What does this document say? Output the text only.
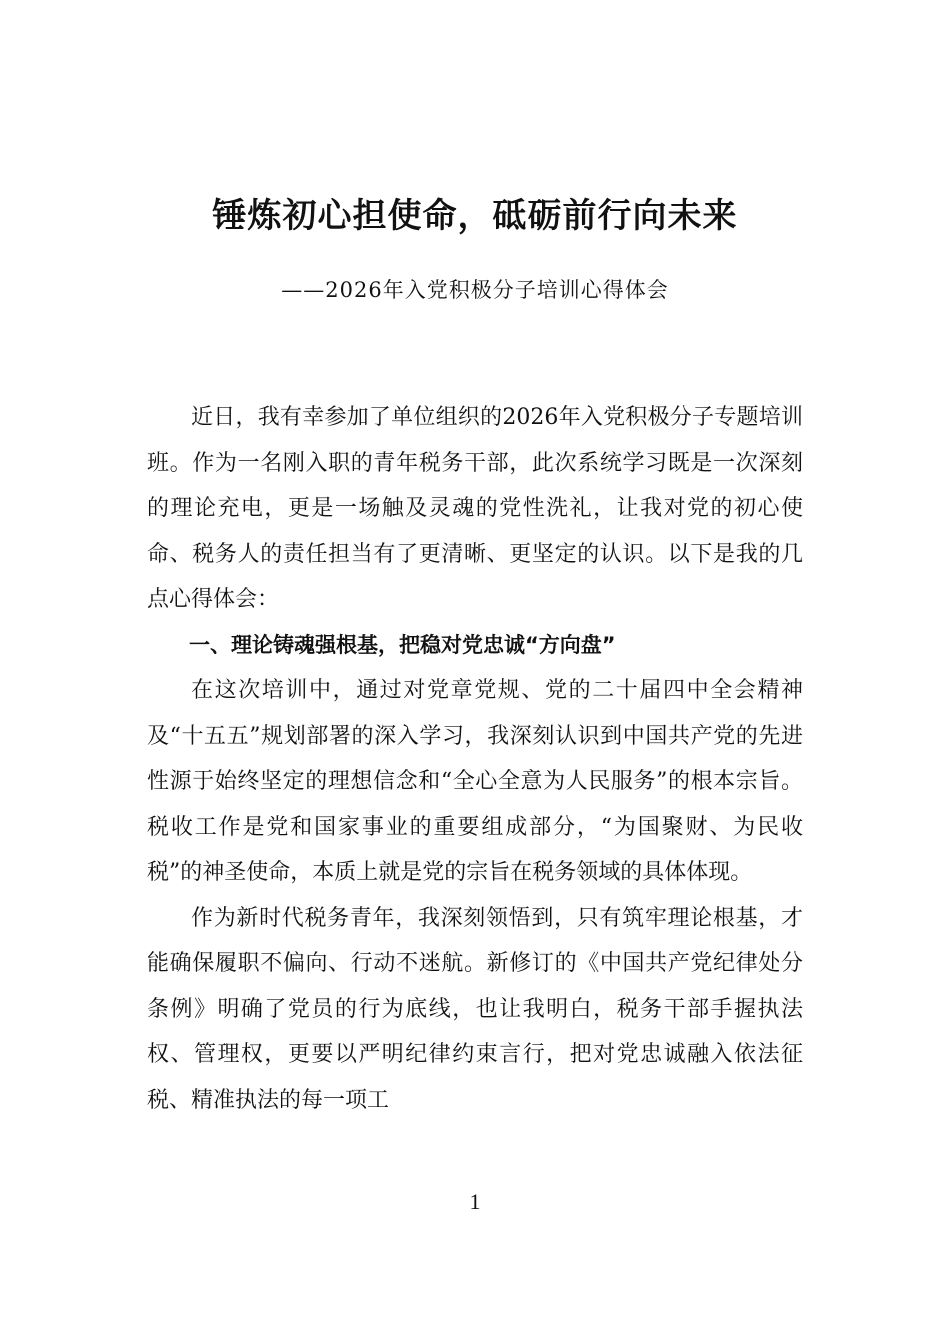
锤炼初心担使命，砥砺前行向未来
——2026年入党积极分子培训心得体会

近日，我有幸参加了单位组织的2026年入党积极分子专题培训班。作为一名刚入职的青年税务干部，此次系统学习既是一次深刻的理论充电，更是一场触及灵魂的党性洗礼，让我对党的初心使命、税务人的责任担当有了更清晰、更坚定的认识。以下是我的几点心得体会：

一、理论铸魂强根基，把稳对党忠诚“方向盘”

在这次培训中，通过对党章党规、党的二十届四中全会精神及“十五五”规划部署的深入学习，我深刻认识到中国共产党的先进性源于始终坚定的理想信念和“全心全意为人民服务”的根本宗旨。税收工作是党和国家事业的重要组成部分，“为国聚财、为民收税”的神圣使命，本质上就是党的宗旨在税务领域的具体体现。

作为新时代税务青年，我深刻领悟到，只有筑牢理论根基，才能确保履职不偏向、行动不迷航。新修订的《中国共产党纪律处分条例》明确了党员的行为底线，也让我明白，税务干部手握执法权、管理权，更要以严明纪律约束言行，把对党忠诚融入依法征税、精准执法的每一项工

1
